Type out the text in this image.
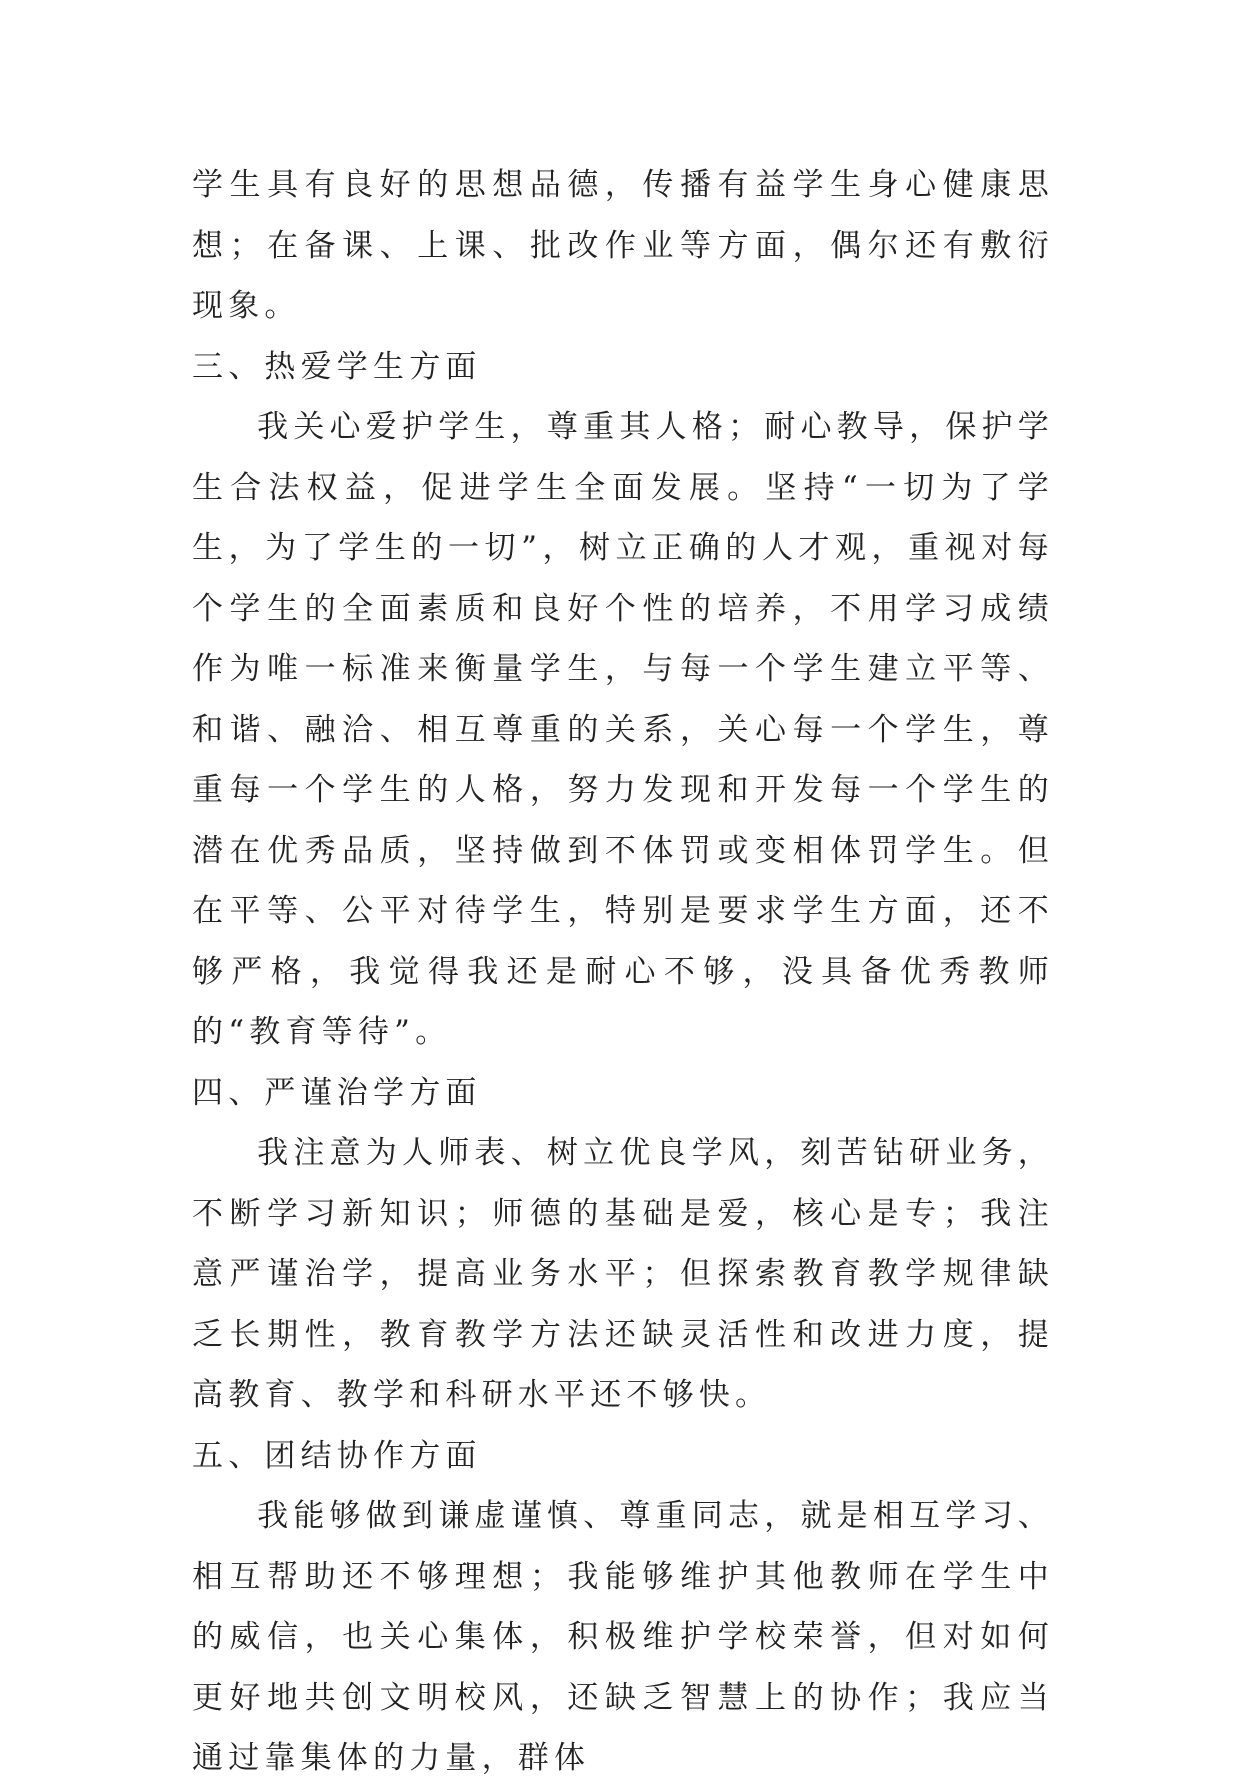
学生具有良好的思想品德，传播有益学生身心健康思想；在备课、上课、批改作业等方面，偶尔还有敷衍现象。

三、热爱学生方面

我关心爱护学生，尊重其人格；耐心教导，保护学生合法权益，促进学生全面发展。坚持“一切为了学生，为了学生的一切”，树立正确的人才观，重视对每个学生的全面素质和良好个性的培养，不用学习成绩作为唯一标准来衡量学生，与每一个学生建立平等、和谐、融洽、相互尊重的关系，关心每一个学生，尊重每一个学生的人格，努力发现和开发每一个学生的潜在优秀品质，坚持做到不体罚或变相体罚学生。但在平等、公平对待学生，特别是要求学生方面，还不够严格，我觉得我还是耐心不够，没具备优秀教师的“教育等待”。

四、严谨治学方面

我注意为人师表、树立优良学风，刻苦钻研业务，不断学习新知识；师德的基础是爱，核心是专；我注意严谨治学，提高业务水平；但探索教育教学规律缺乏长期性，教育教学方法还缺灵活性和改进力度，提高教育、教学和科研水平还不够快。

五、团结协作方面

我能够做到谦虚谨慎、尊重同志，就是相互学习、相互帮助还不够理想；我能够维护其他教师在学生中的威信，也关心集体，积极维护学校荣誉，但对如何更好地共创文明校风，还缺乏智慧上的协作；我应当通过靠集体的力量，群体
